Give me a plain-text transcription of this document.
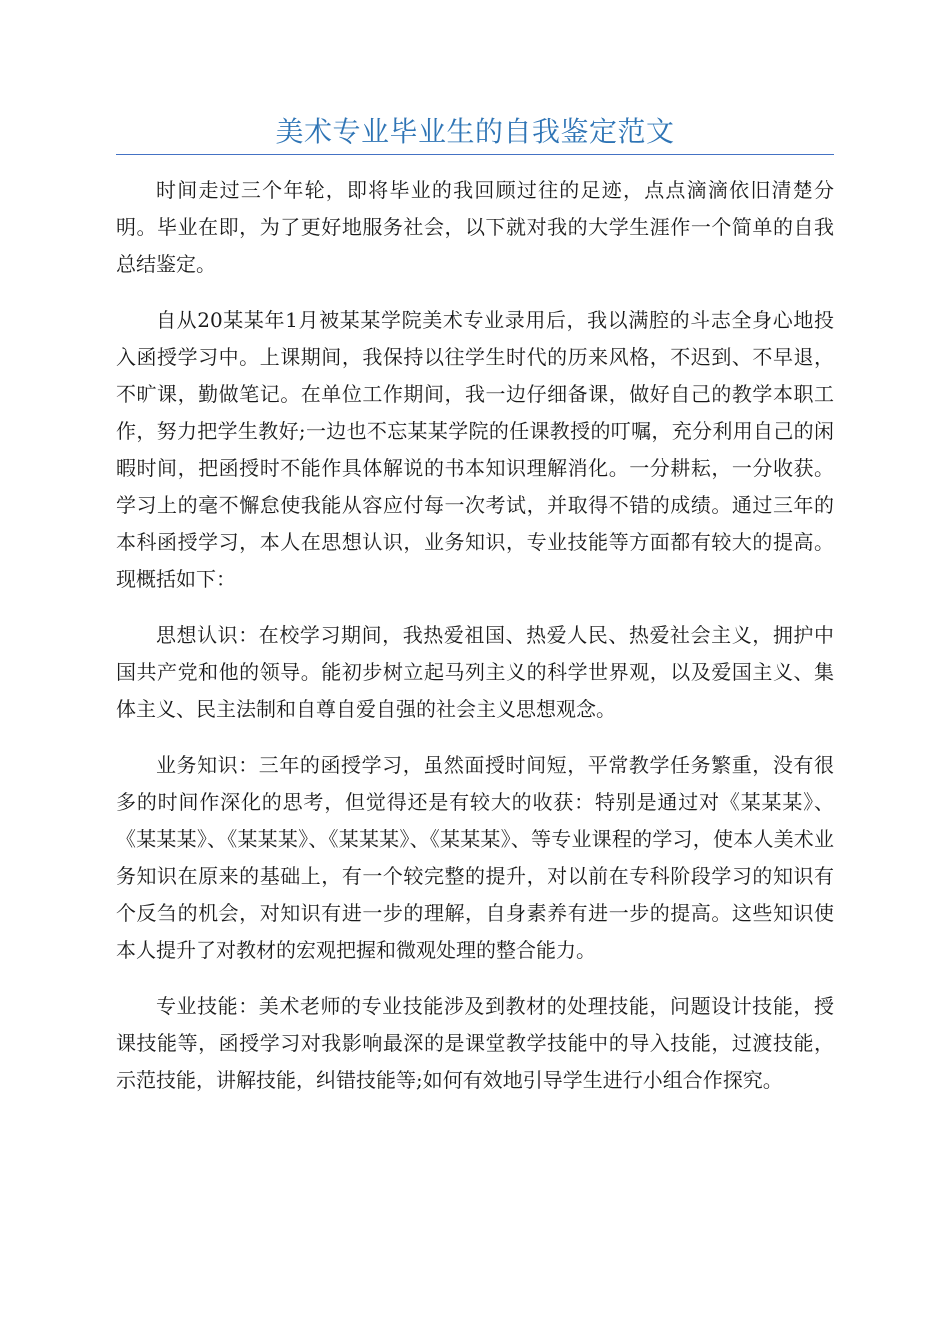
美术专业毕业生的自我鉴定范文

时间走过三个年轮，即将毕业的我回顾过往的足迹，点点滴滴依旧清楚分明。毕业在即，为了更好地服务社会，以下就对我的大学生涯作一个简单的自我总结鉴定。

自从20某某年1月被某某学院美术专业录用后，我以满腔的斗志全身心地投入函授学习中。上课期间，我保持以往学生时代的历来风格，不迟到、不早退，不旷课，勤做笔记。在单位工作期间，我一边仔细备课，做好自己的教学本职工作，努力把学生教好;一边也不忘某某学院的任课教授的叮嘱，充分利用自己的闲暇时间，把函授时不能作具体解说的书本知识理解消化。一分耕耘，一分收获。学习上的毫不懈怠使我能从容应付每一次考试，并取得不错的成绩。通过三年的本科函授学习，本人在思想认识，业务知识，专业技能等方面都有较大的提高。现概括如下：

思想认识：在校学习期间，我热爱祖国、热爱人民、热爱社会主义，拥护中国共产党和他的领导。能初步树立起马列主义的科学世界观，以及爱国主义、集体主义、民主法制和自尊自爱自强的社会主义思想观念。

业务知识：三年的函授学习，虽然面授时间短，平常教学任务繁重，没有很多的时间作深化的思考，但觉得还是有较大的收获：特别是通过对《某某某》、《某某某》、《某某某》、《某某某》、《某某某》、等专业课程的学习，使本人美术业务知识在原来的基础上，有一个较完整的提升，对以前在专科阶段学习的知识有个反刍的机会，对知识有进一步的理解，自身素养有进一步的提高。这些知识使本人提升了对教材的宏观把握和微观处理的整合能力。

专业技能：美术老师的专业技能涉及到教材的处理技能，问题设计技能，授课技能等，函授学习对我影响最深的是课堂教学技能中的导入技能，过渡技能，示范技能，讲解技能，纠错技能等;如何有效地引导学生进行小组合作探究。
